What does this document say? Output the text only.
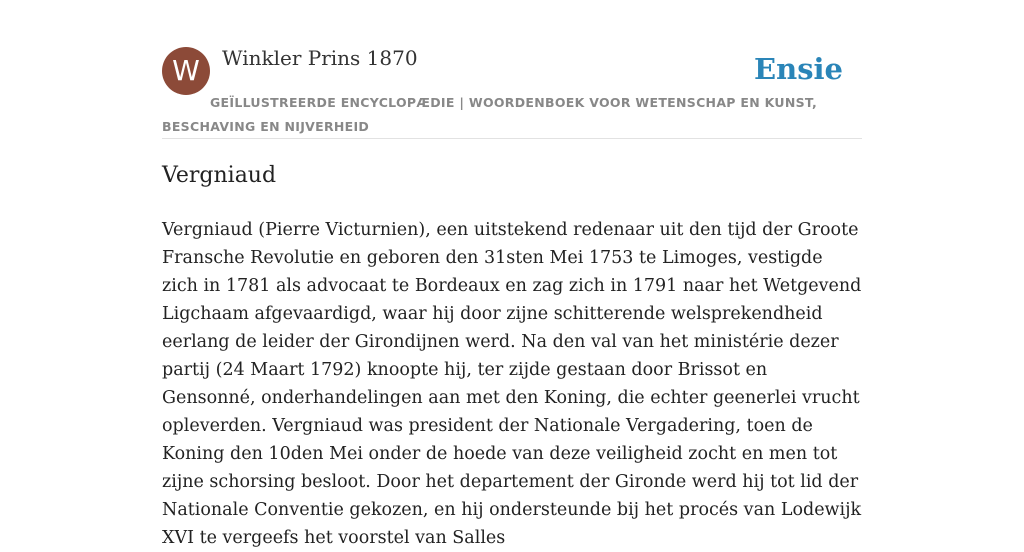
W	Winkler Prins 1870	Ensie
GEÏLLUSTREERDE ENCYCLOPÆDIE | WOORDENBOEK VOOR WETENSCHAP EN KUNST, BESCHAVING EN NIJVERHEID
Vergniaud

Vergniaud (Pierre Victurnien), een uitstekend redenaar uit den tijd der Groote Fransche Revolutie en geboren den 31sten Mei 1753 te Limoges, vestigde zich in 1781 als advocaat te Bordeaux en zag zich in 1791 naar het Wetgevend Ligchaam afgevaardigd, waar hij door zijne schitterende welsprekendheid eerlang de leider der Girondijnen werd. Na den val van het ministérie dezer partij (24 Maart 1792) knoopte hij, ter zijde gestaan door Brissot en Gensonné, onderhandelingen aan met den Koning, die echter geenerlei vrucht opleverden. Vergniaud was president der Nationale Vergadering, toen de Koning den 10den Mei onder de hoede van deze veiligheid zocht en men tot zijne schorsing besloot. Door het departement der Gironde werd hij tot lid der Nationale Conventie gekozen, en hij ondersteunde bij het procés van Lodewijk XVI te vergeefs het voorstel van Salles
